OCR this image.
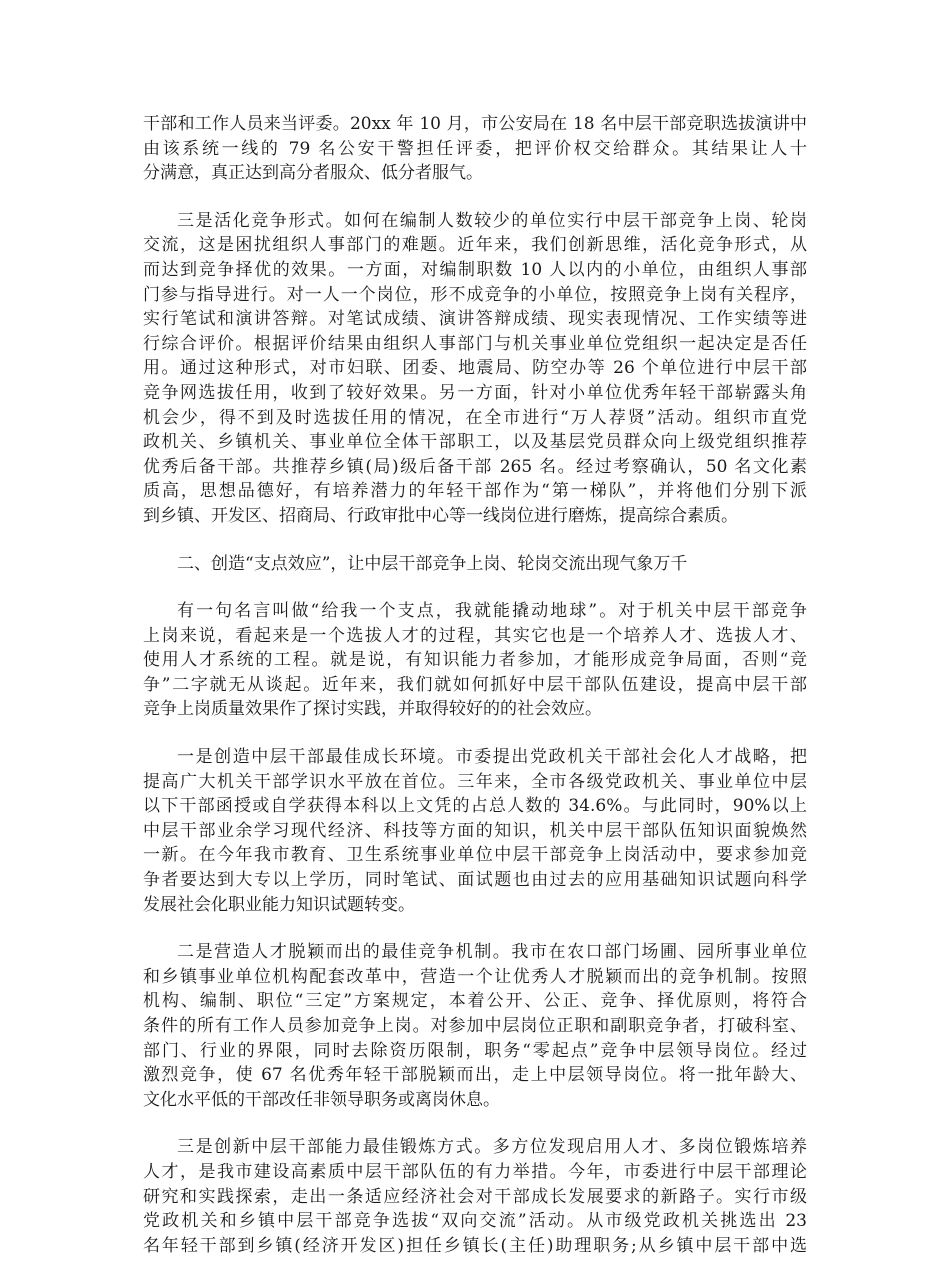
干部和工作人员来当评委。20xx 年 10 月，市公安局在 18 名中层干部竞职选拔演讲中
由该系统一线的 79 名公安干警担任评委，把评价权交给群众。其结果让人十
分满意，真正达到高分者服众、低分者服气。
三是活化竞争形式。如何在编制人数较少的单位实行中层干部竞争上岗、轮岗
交流，这是困扰组织人事部门的难题。近年来，我们创新思维，活化竞争形式，从
而达到竞争择优的效果。一方面，对编制职数 10 人以内的小单位，由组织人事部
门参与指导进行。对一人一个岗位，形不成竞争的小单位，按照竞争上岗有关程序，
实行笔试和演讲答辩。对笔试成绩、演讲答辩成绩、现实表现情况、工作实绩等进
行综合评价。根据评价结果由组织人事部门与机关事业单位党组织一起决定是否任
用。通过这种形式，对市妇联、团委、地震局、防空办等 26 个单位进行中层干部
竞争网选拔任用，收到了较好效果。另一方面，针对小单位优秀年轻干部崭露头角
机会少，得不到及时选拔任用的情况，在全市进行“万人荐贤”活动。组织市直党
政机关、乡镇机关、事业单位全体干部职工，以及基层党员群众向上级党组织推荐
优秀后备干部。共推荐乡镇(局)级后备干部 265 名。经过考察确认，50 名文化素
质高，思想品德好，有培养潜力的年轻干部作为“第一梯队”，并将他们分别下派
到乡镇、开发区、招商局、行政审批中心等一线岗位进行磨炼，提高综合素质。
二、创造“支点效应”，让中层干部竞争上岗、轮岗交流出现气象万千
有一句名言叫做“给我一个支点，我就能撬动地球”。对于机关中层干部竞争
上岗来说，看起来是一个选拔人才的过程，其实它也是一个培养人才、选拔人才、
使用人才系统的工程。就是说，有知识能力者参加，才能形成竞争局面，否则“竞
争”二字就无从谈起。近年来，我们就如何抓好中层干部队伍建设，提高中层干部
竞争上岗质量效果作了探讨实践，并取得较好的的社会效应。
一是创造中层干部最佳成长环境。市委提出党政机关干部社会化人才战略，把
提高广大机关干部学识水平放在首位。三年来，全市各级党政机关、事业单位中层
以下干部函授或自学获得本科以上文凭的占总人数的 34.6%。与此同时，90%以上
中层干部业余学习现代经济、科技等方面的知识，机关中层干部队伍知识面貌焕然
一新。在今年我市教育、卫生系统事业单位中层干部竞争上岗活动中，要求参加竞
争者要达到大专以上学历，同时笔试、面试题也由过去的应用基础知识试题向科学
发展社会化职业能力知识试题转变。
二是营造人才脱颖而出的最佳竞争机制。我市在农口部门场圃、园所事业单位
和乡镇事业单位机构配套改革中，营造一个让优秀人才脱颖而出的竞争机制。按照
机构、编制、职位“三定”方案规定，本着公开、公正、竞争、择优原则，将符合
条件的所有工作人员参加竞争上岗。对参加中层岗位正职和副职竞争者，打破科室、
部门、行业的界限，同时去除资历限制，职务“零起点”竞争中层领导岗位。经过
激烈竞争，使 67 名优秀年轻干部脱颖而出，走上中层领导岗位。将一批年龄大、
文化水平低的干部改任非领导职务或离岗休息。
三是创新中层干部能力最佳锻炼方式。多方位发现启用人才、多岗位锻炼培养
人才，是我市建设高素质中层干部队伍的有力举措。今年，市委进行中层干部理论
研究和实践探索，走出一条适应经济社会对干部成长发展要求的新路子。实行市级
党政机关和乡镇中层干部竞争选拔“双向交流”活动。从市级党政机关挑选出 23
名年轻干部到乡镇(经济开发区)担任乡镇长(主任)助理职务;从乡镇中层干部中选
